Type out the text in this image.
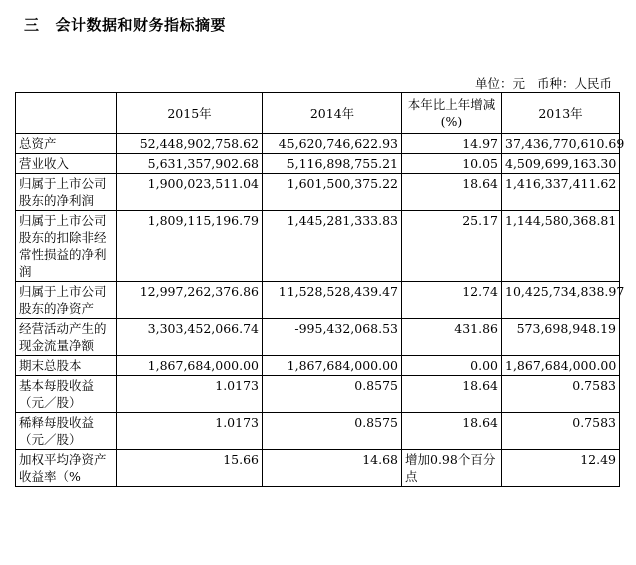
三 会计数据和财务指标摘要
单位：元 币种：人民币
	2015年	2014年	本年比上年增减(%)	2013年
总资产	52,448,902,758.62	45,620,746,622.93	14.97	37,436,770,610.69
营业收入	5,631,357,902.68	5,116,898,755.21	10.05	4,509,699,163.30
归属于上市公司股东的净利润	1,900,023,511.04	1,601,500,375.22	18.64	1,416,337,411.62
归属于上市公司股东的扣除非经常性损益的净利润	1,809,115,196.79	1,445,281,333.83	25.17	1,144,580,368.81
归属于上市公司股东的净资产	12,997,262,376.86	11,528,528,439.47	12.74	10,425,734,838.97
经营活动产生的现金流量净额	3,303,452,066.74	-995,432,068.53	431.86	573,698,948.19
期末总股本	1,867,684,000.00	1,867,684,000.00	0.00	1,867,684,000.00
基本每股收益（元／股）	1.0173	0.8575	18.64	0.7583
稀释每股收益（元／股）	1.0173	0.8575	18.64	0.7583
加权平均净资产收益率（%	15.66	14.68	增加0.98个百分点	12.49
